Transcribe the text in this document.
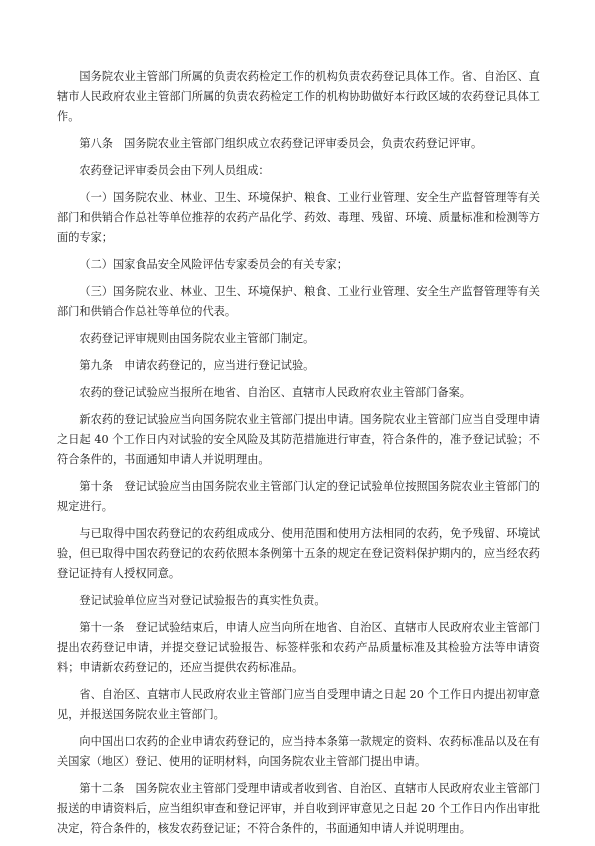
国务院农业主管部门所属的负责农药检定工作的机构负责农药登记具体工作。省、自治区、直辖市人民政府农业主管部门所属的负责农药检定工作的机构协助做好本行政区域的农药登记具体工作。

第八条　国务院农业主管部门组织成立农药登记评审委员会，负责农药登记评审。

农药登记评审委员会由下列人员组成：

（一）国务院农业、林业、卫生、环境保护、粮食、工业行业管理、安全生产监督管理等有关部门和供销合作总社等单位推荐的农药产品化学、药效、毒理、残留、环境、质量标准和检测等方面的专家；

（二）国家食品安全风险评估专家委员会的有关专家；

（三）国务院农业、林业、卫生、环境保护、粮食、工业行业管理、安全生产监督管理等有关部门和供销合作总社等单位的代表。

农药登记评审规则由国务院农业主管部门制定。

第九条　申请农药登记的，应当进行登记试验。

农药的登记试验应当报所在地省、自治区、直辖市人民政府农业主管部门备案。

新农药的登记试验应当向国务院农业主管部门提出申请。国务院农业主管部门应当自受理申请之日起 40 个工作日内对试验的安全风险及其防范措施进行审查，符合条件的，准予登记试验；不符合条件的，书面通知申请人并说明理由。

第十条　登记试验应当由国务院农业主管部门认定的登记试验单位按照国务院农业主管部门的规定进行。

与已取得中国农药登记的农药组成成分、使用范围和使用方法相同的农药，免予残留、环境试验，但已取得中国农药登记的农药依照本条例第十五条的规定在登记资料保护期内的，应当经农药登记证持有人授权同意。

登记试验单位应当对登记试验报告的真实性负责。

第十一条　登记试验结束后，申请人应当向所在地省、自治区、直辖市人民政府农业主管部门提出农药登记申请，并提交登记试验报告、标签样张和农药产品质量标准及其检验方法等申请资料；申请新农药登记的，还应当提供农药标准品。

省、自治区、直辖市人民政府农业主管部门应当自受理申请之日起 20 个工作日内提出初审意见，并报送国务院农业主管部门。

向中国出口农药的企业申请农药登记的，应当持本条第一款规定的资料、农药标准品以及在有关国家（地区）登记、使用的证明材料，向国务院农业主管部门提出申请。

第十二条　国务院农业主管部门受理申请或者收到省、自治区、直辖市人民政府农业主管部门报送的申请资料后，应当组织审查和登记评审，并自收到评审意见之日起 20 个工作日内作出审批决定，符合条件的，核发农药登记证；不符合条件的，书面通知申请人并说明理由。
